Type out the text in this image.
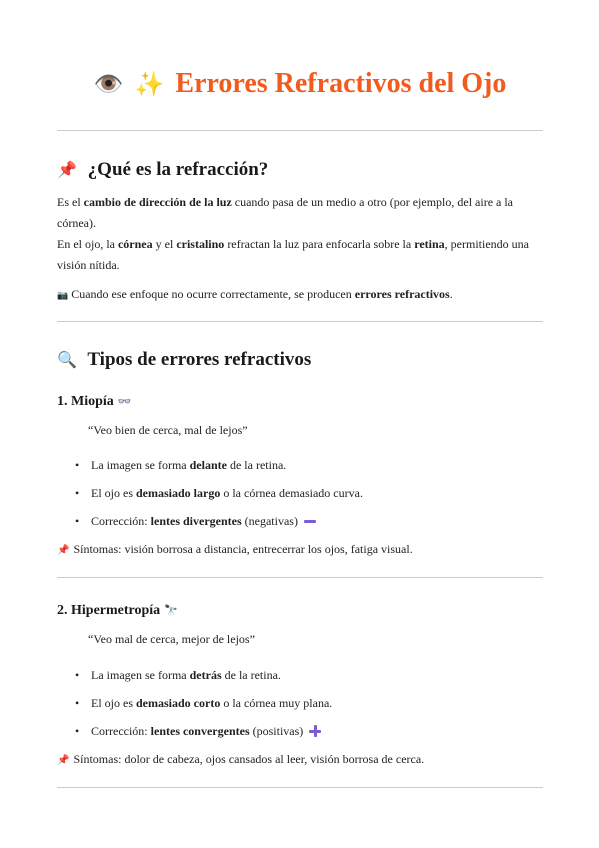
👁️ ✨ Errores Refractivos del Ojo
📌 ¿Qué es la refracción?
Es el cambio de dirección de la luz cuando pasa de un medio a otro (por ejemplo, del aire a la córnea).
En el ojo, la córnea y el cristalino refractan la luz para enfocarla sobre la retina, permitiendo una visión nítida.
📷 Cuando ese enfoque no ocurre correctamente, se producen errores refractivos.
🔍 Tipos de errores refractivos
1. Miopía 👓
“Veo bien de cerca, mal de lejos”
• La imagen se forma delante de la retina.
• El ojo es demasiado largo o la córnea demasiado curva.
• Corrección: lentes divergentes (negativas)
📌 Síntomas: visión borrosa a distancia, entrecerrar los ojos, fatiga visual.
2. Hipermetropía 🔭
“Veo mal de cerca, mejor de lejos”
• La imagen se forma detrás de la retina.
• El ojo es demasiado corto o la córnea muy plana.
• Corrección: lentes convergentes (positivas)
📌 Síntomas: dolor de cabeza, ojos cansados al leer, visión borrosa de cerca.
